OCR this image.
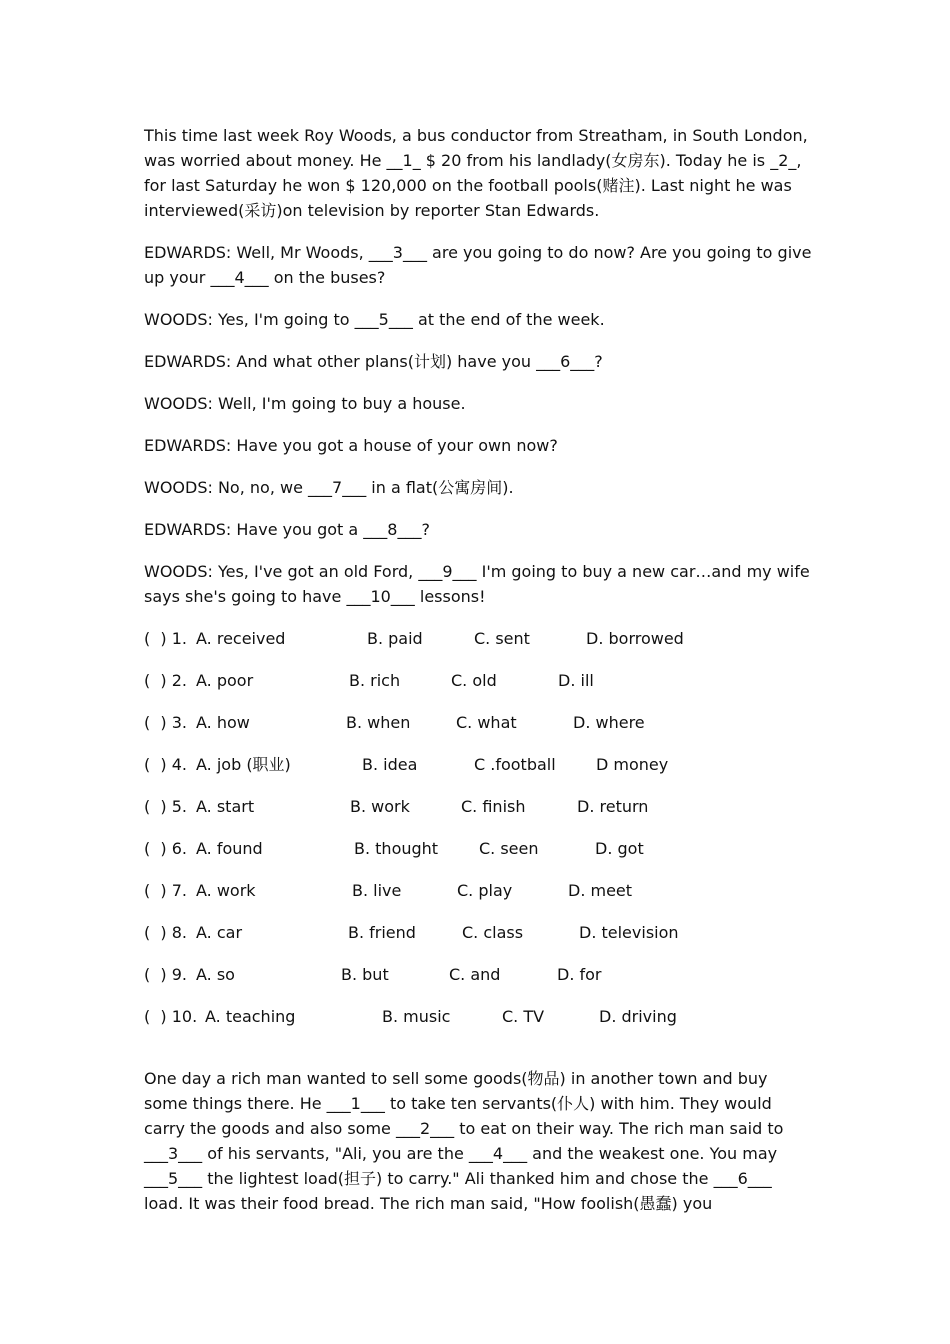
This time last week Roy Woods, a bus conductor from Streatham, in South London, was worried about money. He __1_ $ 20 from his landlady(女房东). Today he is _2_, for last Saturday he won $ 120,000 on the football pools(赌注). Last night he was interviewed(采访)on television by reporter Stan Edwards.

EDWARDS: Well, Mr Woods, ___3___ are you going to do now? Are you going to give up your ___4___ on the buses?

WOODS: Yes, I'm going to ___5___ at the end of the week.

EDWARDS: And what other plans(计划) have you ___6___?

WOODS: Well, I'm going to buy a house.

EDWARDS: Have you got a house of your own now?

WOODS: No, no, we ___7___ in a flat(公寓房间).

EDWARDS: Have you got a ___8___?

WOODS: Yes, I've got an old Ford, ___9___ I'm going to buy a new car…and my wife says she's going to have ___10___ lessons!

(  ) 1. A. received	B. paid	C. sent	D. borrowed
(  ) 2. A. poor	B. rich	C. old	D. ill
(  ) 3. A. how	B. when	C. what	D. where
(  ) 4. A. job (职业)	B. idea	C .football	D money
(  ) 5. A. start	B. work	C. finish	D. return
(  ) 6. A. found	B. thought	C. seen	D. got
(  ) 7. A. work	B. live	C. play	D. meet
(  ) 8. A. car	B. friend	C. class	D. television
(  ) 9. A. so	B. but	C. and	D. for
(  ) 10. A. teaching	B. music	C. TV	D. driving

One day a rich man wanted to sell some goods(物品) in another town and buy some things there. He ___1___ to take ten servants(仆人) with him. They would carry the goods and also some ___2___ to eat on their way. The rich man said to ___3___ of his servants, "Ali, you are the ___4___ and the weakest one. You may ___5___ the lightest load(担子) to carry." Ali thanked him and chose the ___6___ load. It was their food bread. The rich man said, "How foolish(愚蠢) you
